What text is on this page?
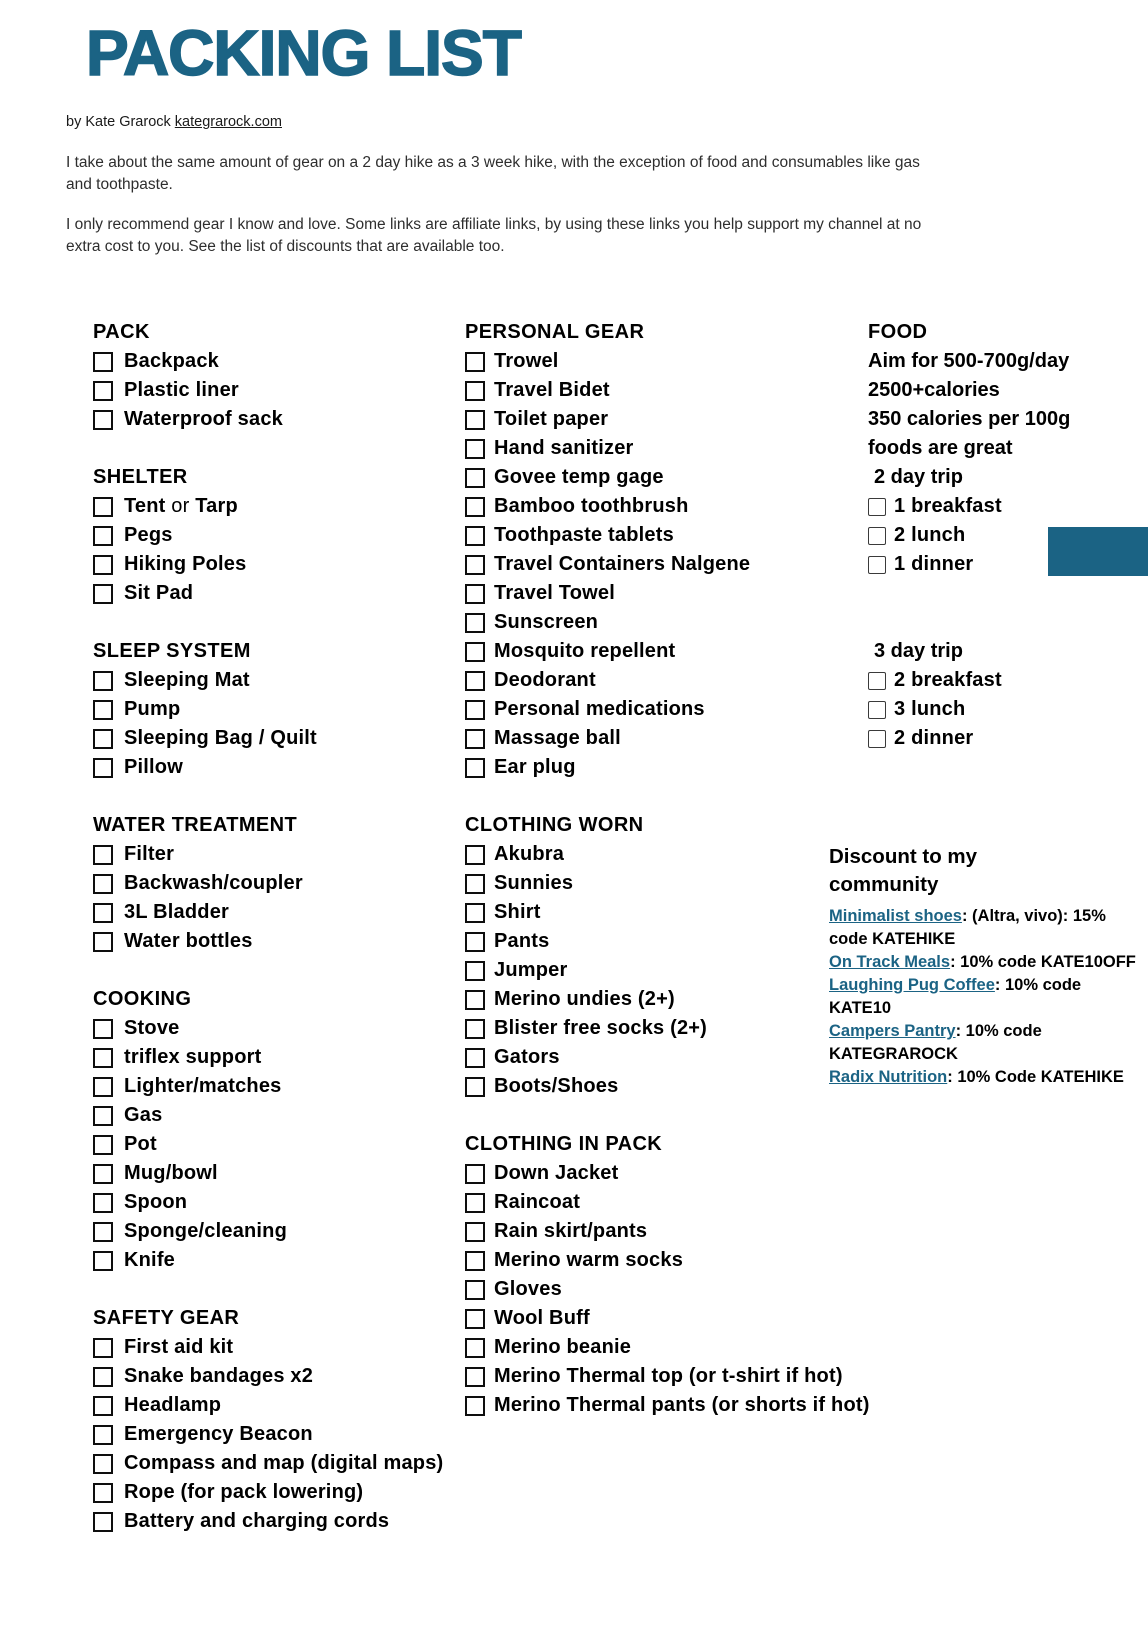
PACKING LIST
by Kate Grarock kategrarock.com

I take about the same amount of gear on a 2 day hike as a 3 week hike, with the exception of food and consumables like gas
and toothpaste.

I only recommend gear I know and love. Some links are affiliate links, by using these links you help support my channel at no
extra cost to you. See the list of discounts that are available too.

PACK
Backpack
Plastic liner
Waterproof sack
SHELTER
Tent or Tarp
Pegs
Hiking Poles
Sit Pad
SLEEP SYSTEM
Sleeping Mat
Pump
Sleeping Bag / Quilt
Pillow
WATER TREATMENT
Filter
Backwash/coupler
3L Bladder
Water bottles
COOKING
Stove
triflex support
Lighter/matches
Gas
Pot
Mug/bowl
Spoon
Sponge/cleaning
Knife
SAFETY GEAR
First aid kit
Snake bandages x2
Headlamp
Emergency Beacon
Compass and map (digital maps)
Rope (for pack lowering)
Battery and charging cords
PERSONAL GEAR
Trowel
Travel Bidet
Toilet paper
Hand sanitizer
Govee temp gage
Bamboo toothbrush
Toothpaste tablets
Travel Containers Nalgene
Travel Towel
Sunscreen
Mosquito repellent
Deodorant
Personal medications
Massage ball
Ear plug
CLOTHING WORN
Akubra
Sunnies
Shirt
Pants
Jumper
Merino undies (2+)
Blister free socks (2+)
Gators
Boots/Shoes
CLOTHING IN PACK
Down Jacket
Raincoat
Rain skirt/pants
Merino warm socks
Gloves
Wool Buff
Merino beanie
Merino Thermal top (or t-shirt if hot)
Merino Thermal pants (or shorts if hot)
FOOD
Aim for 500-700g/day
2500+calories
350 calories per 100g
foods are great
2 day trip
1 breakfast
2 lunch
1 dinner
3 day trip
2 breakfast
3 lunch
2 dinner
Discount to my
community
Minimalist shoes: (Altra, vivo): 15% code KATEHIKE
On Track Meals: 10% code KATE10OFF
Laughing Pug Coffee: 10% code KATE10
Campers Pantry: 10% code KATEGRAROCK
Radix Nutrition: 10% Code KATEHIKE
